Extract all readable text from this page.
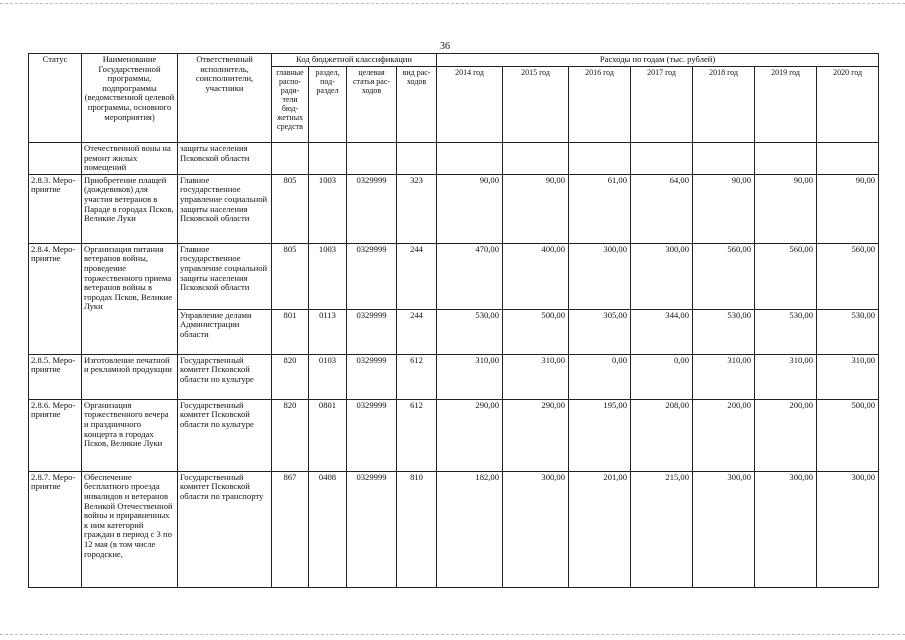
36
Статус	Наименование Государственной программы, подпрограммы (ведомственной целевой программы, основного мероприятия)	Ответственный исполнитель, соисполнители, участники	Код бюджетной классификации				Расходы по годам (тыс. рублей)						
			главные распо-ради-тели бюд-жетных средств	раздел, под-раздел	целевая статья рас-ходов	вид рас-ходов	2014 год	2015 год	2016 год	2017 год	2018 год	2019 год	2020 год
	Отечественной воны на ремонт жилых помещений	защиты населения Псковской области											
2.8.3. Меро-приятие	Приобретение плащей (дождевиков) для участия ветеранов в Параде в городах Псков, Великие Луки	Главное государственное управление социальной защиты населения Псковской области	805	1003	0329999	323	90,00	90,00	61,00	64,00	90,00	90,00	90,00
2.8.4. Меро-приятие	Организация питания ветеранов войны, проведение торжественного приема ветеранов войны в городах Псков, Великие Луки	Главное государственное управление социальной защиты населения Псковской области	805	1003	0329999	244	470,00	400,00	300,00	300,00	560,00	560,00	560,00
		Управление делами Администрации области	801	0113	0329999	244	530,00	500,00	305,00	344,00	530,00	530,00	530,00
2.8.5. Меро-приятие	Изготовление печатной и рекламной продукции	Государственный комитет Псковской области по культуре	820	0103	0329999	612	310,00	310,00	0,00	0,00	310,00	310,00	310,00
2.8.6. Меро-приятие	Организация торжественного вечера и праздничного концерта в городах Псков, Великие Луки	Государственный комитет Псковской области по культуре	820	0801	0329999	612	290,00	290,00	195,00	208,00	200,00	200,00	500,00
2.8.7. Меро-приятие	Обеспечение бесплатного проезда инвалидов и ветеранов Великой Отечественной войны и приравненных к ним категорий граждан в период с 3 по 12 мая (в том числе городские,	Государственный комитет Псковской области по транспорту	867	0408	0329999	810	182,00	300,00	201,00	215,00	300,00	300,00	300,00
